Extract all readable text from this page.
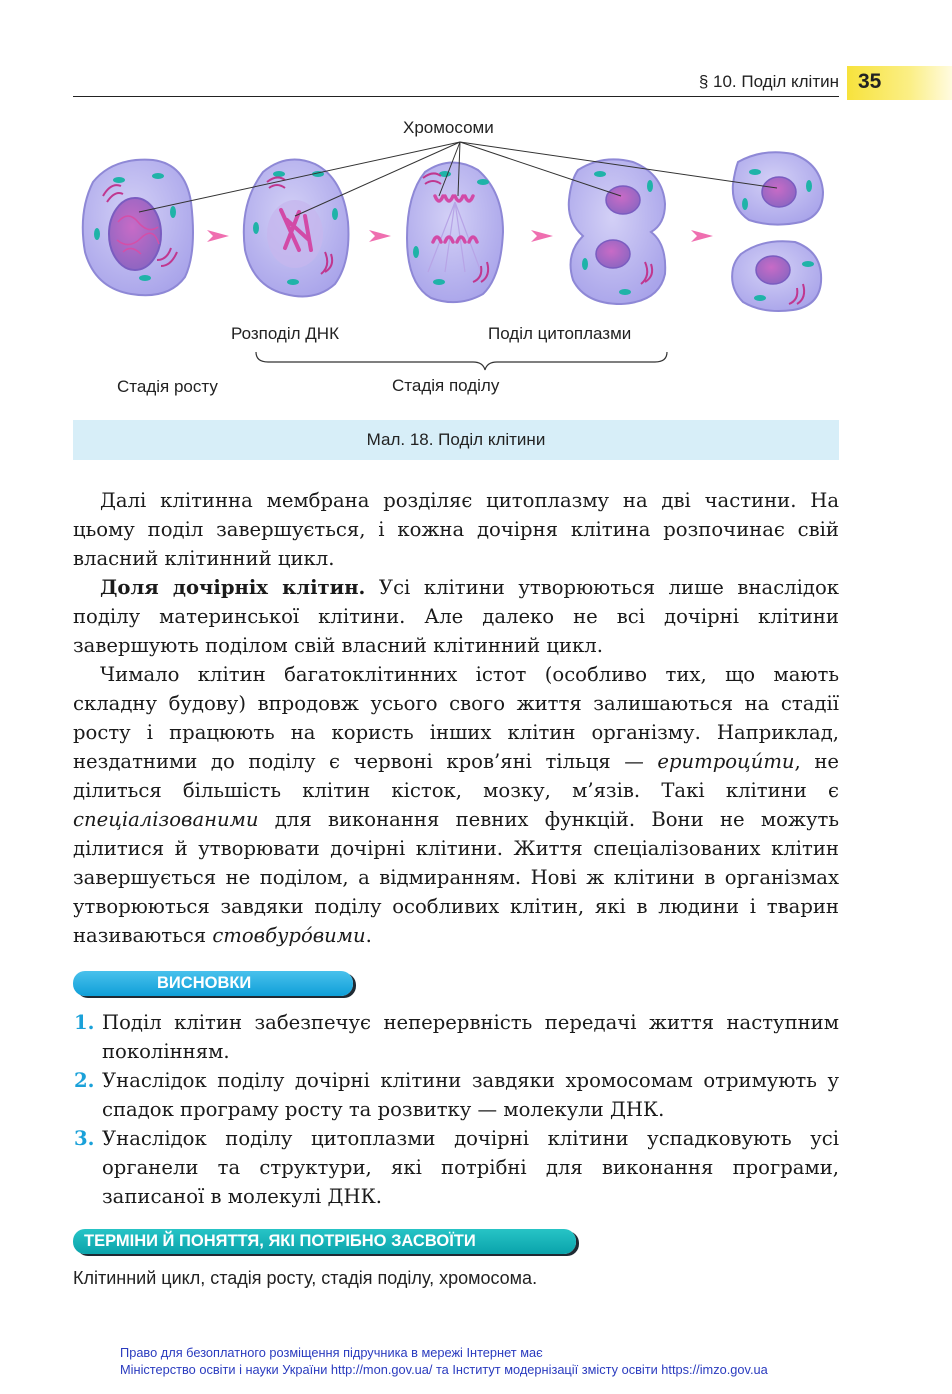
§ 10. Поділ клітин 35
Хромосоми
Розподіл ДНК	Поділ цитоплазми
Стадія росту	Стадія поділу
Мал. 18. Поділ клітини

Далі клітинна мембрана розділяє цитоплазму на дві частини. На цьому поділ завершується, і кожна дочірня клітина розпочинає свій власний клітинний цикл.

Доля дочірніх клітин. Усі клітини утворюються лише внаслідок поділу материнської клітини. Але далеко не всі дочірні клітини завершують поділом свій власний клітинний цикл.

Чимало клітин багатоклітинних істот (особливо тих, що мають складну будову) впродовж усього свого життя залишаються на стадії росту і працюють на користь інших клітин організму. Наприклад, нездатними до поділу є червоні кров’яні тільця — еритроци́ти, не ділиться більшість клітин кісток, мозку, м’язів. Такі клітини є спеціалізованими для виконання певних функцій. Вони не можуть ділитися й утворювати дочірні клітини. Життя спеціалізованих клітин завершується не поділом, а відмиранням. Нові ж клітини в організмах утворюються завдяки поділу особливих клітин, які в людини і тварин називаються стовбуро́вими.

ВИСНОВКИ
1. Поділ клітин забезпечує неперервність передачі життя наступним поколінням.
2. Унаслідок поділу дочірні клітини завдяки хромосомам отримують у спадок програму росту та розвитку — молекули ДНК.
3. Унаслідок поділу цитоплазми дочірні клітини успадковують усі органели та структури, які потрібні для виконання програми, записаної в молекулі ДНК.
ТЕРМІНИ Й ПОНЯТТЯ, ЯКІ ПОТРІБНО ЗАСВОЇТИ
Клітинний цикл, стадія росту, стадія поділу, хромосома.
Право для безоплатного розміщення підручника в мережі Інтернет має
Міністерство освіти і науки України http://mon.gov.ua/ та Інститут модернізації змісту освіти https://imzo.gov.ua
